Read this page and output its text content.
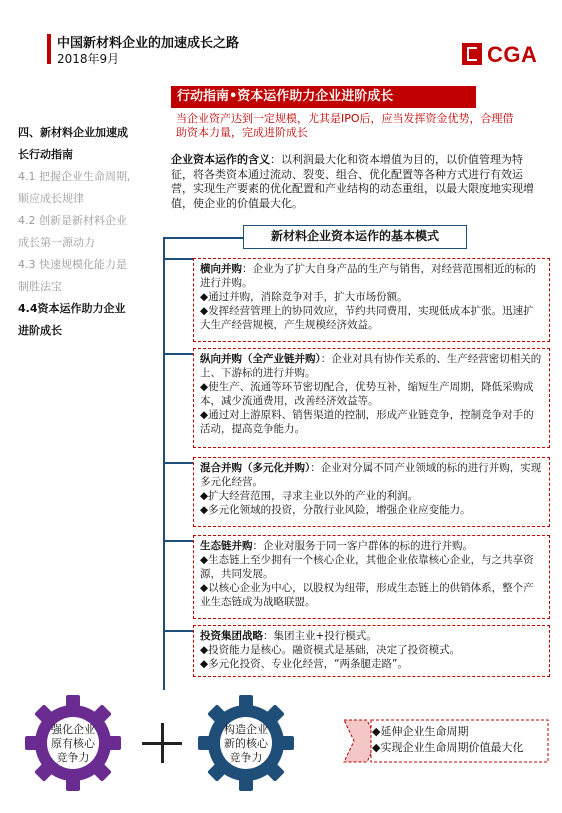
中国新材料企业的加速成长之路
2018年9月	CGA
四、新材料企业加速成
长行动指南
4.1 把握企业生命周期,
顺应成长规律
4.2 创新是新材料企业
成长第一源动力
4.3 快速规模化能力是
制胜法宝
4.4资本运作助力企业
进阶成长
行动指南•资本运作助力企业进阶成长
当企业资产达到一定规模，尤其是IPO后，应当发挥资金优势，合理借助资本力量，完成进阶成长
企业资本运作的含义：以利润最大化和资本增值为目的，以价值管理为特征，将各类资本通过流动、裂变、组合、优化配置等各种方式进行有效运营，实现生产要素的优化配置和产业结构的动态重组，以最大限度地实现增值，使企业的价值最大化。
新材料企业资本运作的基本模式

横向并购：企业为了扩大自身产品的生产与销售，对经营范围相近的标的进行并购。

◆通过并购，消除竞争对手，扩大市场份额。

◆发挥经营管理上的协同效应，节约共同费用，实现低成本扩张。迅速扩大生产经营规模，产生规模经济效益。

纵向并购（全产业链并购）：企业对具有协作关系的、生产经营密切相关的上、下游标的进行并购。

◆使生产、流通等环节密切配合，优势互补，缩短生产周期，降低采购成本，减少流通费用，改善经济效益等。

◆通过对上游原料、销售渠道的控制，形成产业链竞争，控制竞争对手的活动，提高竞争能力。

混合并购（多元化并购）：企业对分属不同产业领域的标的进行并购，实现多元化经营。

◆扩大经营范围，寻求主业以外的产业的利润。

◆多元化领域的投资，分散行业风险，增强企业应变能力。

生态链并购：企业对服务于同一客户群体的标的进行并购。

◆生态链上至少拥有一个核心企业，其他企业依靠核心企业，与之共享资源，共同发展。

◆以核心企业为中心，以股权为纽带，形成生态链上的供销体系，整个产业生态链成为战略联盟。

投资集团战略：集团主业+投行模式。

◆投资能力是核心。融资模式是基础，决定了投资模式。

◆多元化投资、专业化经营，“两条腿走路”。

强化企业
原有核心
竞争力
构造企业
新的核心
竞争力
◆延伸企业生命周期
◆实现企业生命周期价值最大化
